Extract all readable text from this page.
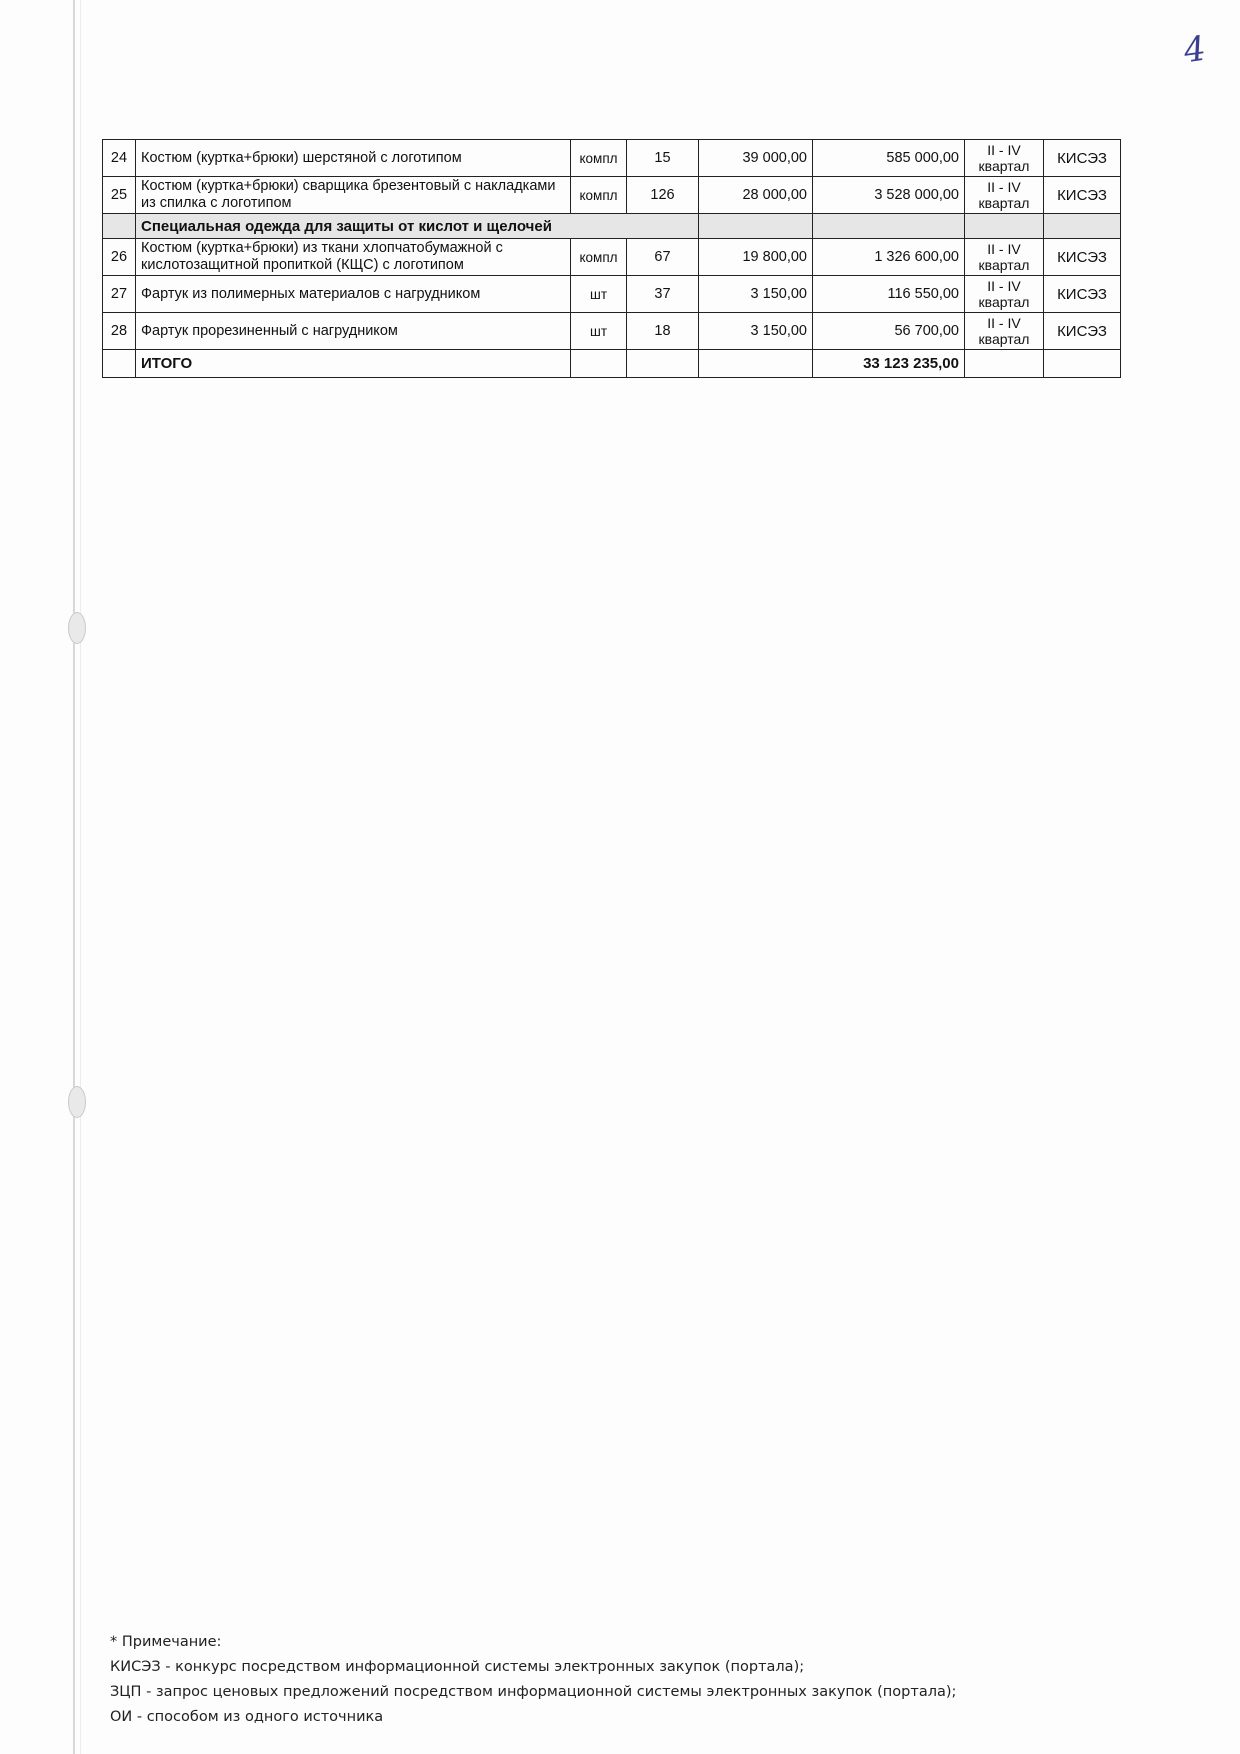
4
24	Костюм (куртка+брюки) шерстяной с логотипом	компл	15	39 000,00	585 000,00	II - IV квартал	КИСЭЗ
25	Костюм (куртка+брюки) сварщика брезентовый с накладками из спилка с логотипом	компл	126	28 000,00	3 528 000,00	II - IV квартал	КИСЭЗ
	Специальная одежда для защиты от кислот и щелочей						
26	Костюм (куртка+брюки) из ткани хлопчатобумажной с кислотозащитной пропиткой (КЩС) с логотипом	компл	67	19 800,00	1 326 600,00	II - IV квартал	КИСЭЗ
27	Фартук из полимерных материалов с нагрудником	шт	37	3 150,00	116 550,00	II - IV квартал	КИСЭЗ
28	Фартук прорезиненный с нагрудником	шт	18	3 150,00	56 700,00	II - IV квартал	КИСЭЗ
	ИТОГО				33 123 235,00		
* Примечание:
КИСЭЗ - конкурс посредством информационной системы электронных закупок (портала);
ЗЦП - запрос ценовых предложений посредством информационной системы электронных закупок (портала);
ОИ - способом из одного источника
